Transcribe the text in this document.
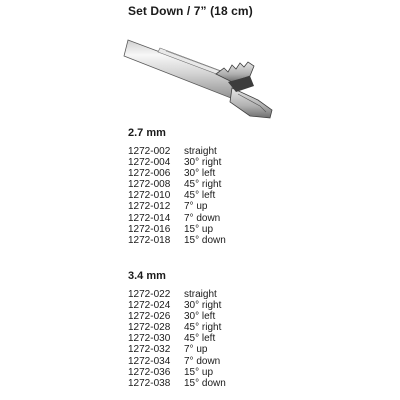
Set Down / 7” (18 cm)
2.7 mm
1272-002	straight
1272-004	30° right
1272-006	30° left
1272-008	45° right
1272-010	45° left
1272-012	7° up
1272-014	7° down
1272-016	15° up
1272-018	15° down
3.4 mm
1272-022	straight
1272-024	30° right
1272-026	30° left
1272-028	45° right
1272-030	45° left
1272-032	7° up
1272-034	7° down
1272-036	15° up
1272-038	15° down
